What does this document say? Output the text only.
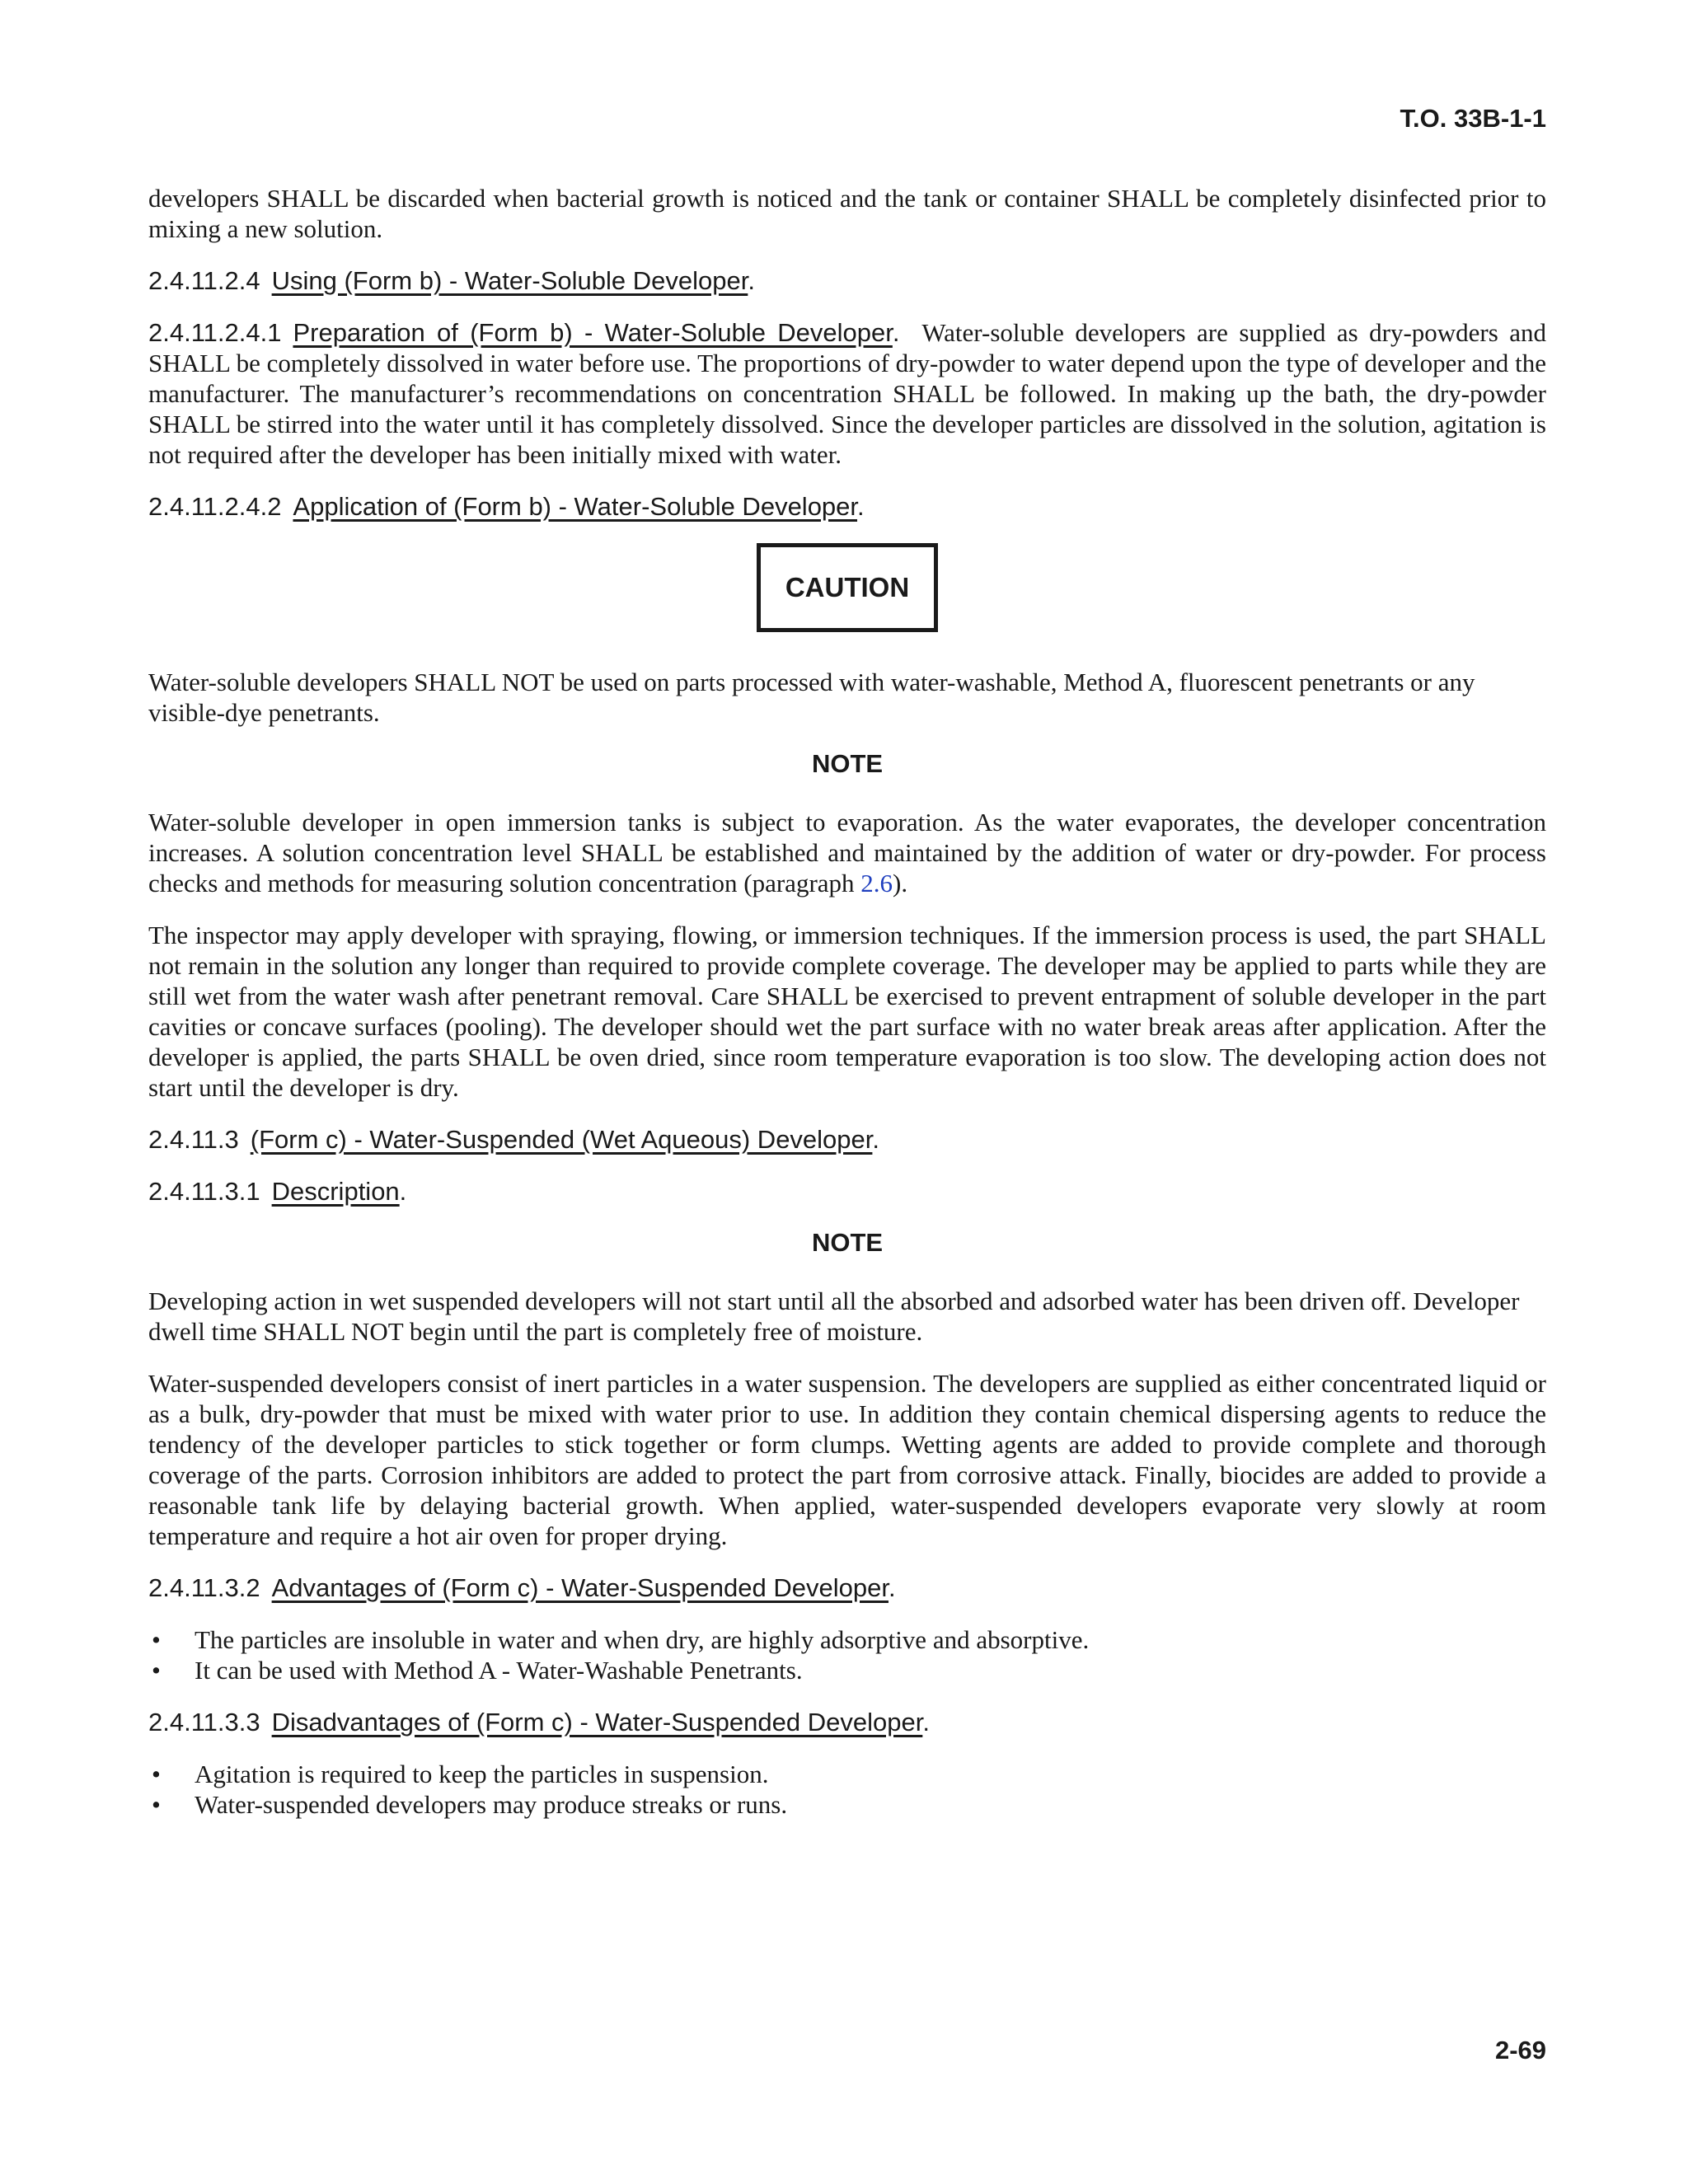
T.O. 33B-1-1

developers SHALL be discarded when bacterial growth is noticed and the tank or container SHALL be completely disinfected prior to mixing a new solution.

2.4.11.2.4 Using (Form b) - Water-Soluble Developer.

2.4.11.2.4.1 Preparation of (Form b) - Water-Soluble Developer. Water-soluble developers are supplied as dry-powders and SHALL be completely dissolved in water before use. The proportions of dry-powder to water depend upon the type of developer and the manufacturer. The manufacturer’s recommendations on concentration SHALL be followed. In making up the bath, the dry-powder SHALL be stirred into the water until it has completely dissolved. Since the developer particles are dissolved in the solution, agitation is not required after the developer has been initially mixed with water.

2.4.11.2.4.2 Application of (Form b) - Water-Soluble Developer.
CAUTION

Water-soluble developers SHALL NOT be used on parts processed with water-washable, Method A, fluorescent penetrants or any visible-dye penetrants.

NOTE

Water-soluble developer in open immersion tanks is subject to evaporation. As the water evaporates, the developer concentration increases. A solution concentration level SHALL be established and maintained by the addition of water or dry-powder. For process checks and methods for measuring solution concentration (paragraph 2.6).

The inspector may apply developer with spraying, flowing, or immersion techniques. If the immersion process is used, the part SHALL not remain in the solution any longer than required to provide complete coverage. The developer may be applied to parts while they are still wet from the water wash after penetrant removal. Care SHALL be exercised to prevent entrapment of soluble developer in the part cavities or concave surfaces (pooling). The developer should wet the part surface with no water break areas after application. After the developer is applied, the parts SHALL be oven dried, since room temperature evaporation is too slow. The developing action does not start until the developer is dry.

2.4.11.3 (Form c) - Water-Suspended (Wet Aqueous) Developer.
2.4.11.3.1 Description.
NOTE

Developing action in wet suspended developers will not start until all the absorbed and adsorbed water has been driven off. Developer dwell time SHALL NOT begin until the part is completely free of moisture.

Water-suspended developers consist of inert particles in a water suspension. The developers are supplied as either concentrated liquid or as a bulk, dry-powder that must be mixed with water prior to use. In addition they contain chemical dispersing agents to reduce the tendency of the developer particles to stick together or form clumps. Wetting agents are added to provide complete and thorough coverage of the parts. Corrosion inhibitors are added to protect the part from corrosive attack. Finally, biocides are added to provide a reasonable tank life by delaying bacterial growth. When applied, water-suspended developers evaporate very slowly at room temperature and require a hot air oven for proper drying.

2.4.11.3.2 Advantages of (Form c) - Water-Suspended Developer.
• The particles are insoluble in water and when dry, are highly adsorptive and absorptive.
• It can be used with Method A - Water-Washable Penetrants.
2.4.11.3.3 Disadvantages of (Form c) - Water-Suspended Developer.
• Agitation is required to keep the particles in suspension.
• Water-suspended developers may produce streaks or runs.
2-69
